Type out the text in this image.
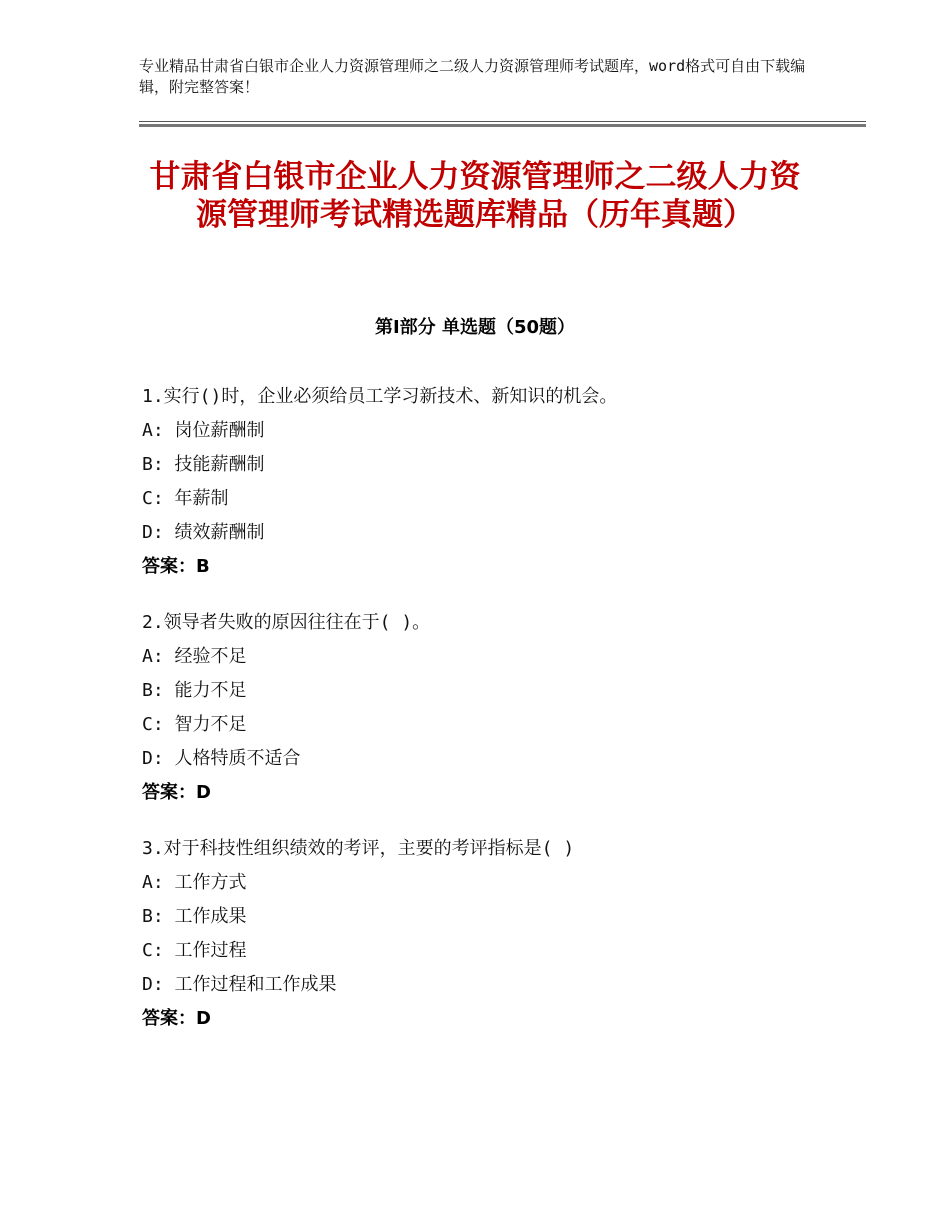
专业精品甘肃省白银市企业人力资源管理师之二级人力资源管理师考试题库，word格式可自由下载编辑，附完整答案！
甘肃省白银市企业人力资源管理师之二级人力资源管理师考试精选题库精品（历年真题）
第Ⅰ部分 单选题（50题）
1.实行()时，企业必须给员工学习新技术、新知识的机会。
A: 岗位薪酬制
B: 技能薪酬制
C: 年薪制
D: 绩效薪酬制
答案：B
2.领导者失败的原因往往在于( )。
A: 经验不足
B: 能力不足
C: 智力不足
D: 人格特质不适合
答案：D
3.对于科技性组织绩效的考评，主要的考评指标是( )
A: 工作方式
B: 工作成果
C: 工作过程
D: 工作过程和工作成果
答案：D
